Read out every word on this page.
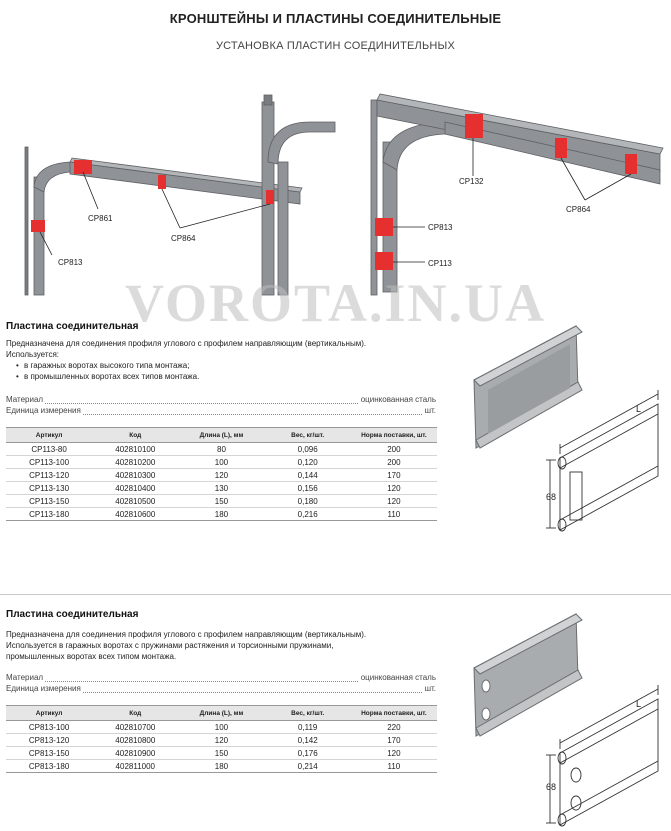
КРОНШТЕЙНЫ И ПЛАСТИНЫ СОЕДИНИТЕЛЬНЫЕ
УСТАНОВКА ПЛАСТИН СОЕДИНИТЕЛЬНЫХ
CP861
CP864
CP813
CP132
CP864
CP813
CP113
VOROTA.IN.UA
Пластина соединительная
Предназначена для соединения профиля углового с профилем направляющим (вертикальным).
Используется:
• в гаражных воротах высокого типа монтажа;
• в промышленных воротах всех типов монтажа.
Материал	оцинкованная сталь
Единица измерения	шт.
Артикул	Код	Длина (L), мм	Вес, кг/шт.	Норма поставки, шт.
CP113-80	402810100	80	0,096	200
CP113-100	402810200	100	0,120	200
CP113-120	402810300	120	0,144	170
CP113-130	402810400	130	0,156	120
CP113-150	402810500	150	0,180	120
CP113-180	402810600	180	0,216	110
L
68
Пластина соединительная
Предназначена для соединения профиля углового с профилем направляющим (вертикальным).
Используется в гаражных воротах с пружинами растяжения и торсионными пружинами,
промышленных воротах всех типом монтажа.
Материал	оцинкованная сталь
Единица измерения	шт.
Артикул	Код	Длина (L), мм	Вес, кг/шт.	Норма поставки, шт.
CP813-100	402810700	100	0,119	220
CP813-120	402810800	120	0,142	170
CP813-150	402810900	150	0,176	120
CP813-180	402811000	180	0,214	110
L
68
